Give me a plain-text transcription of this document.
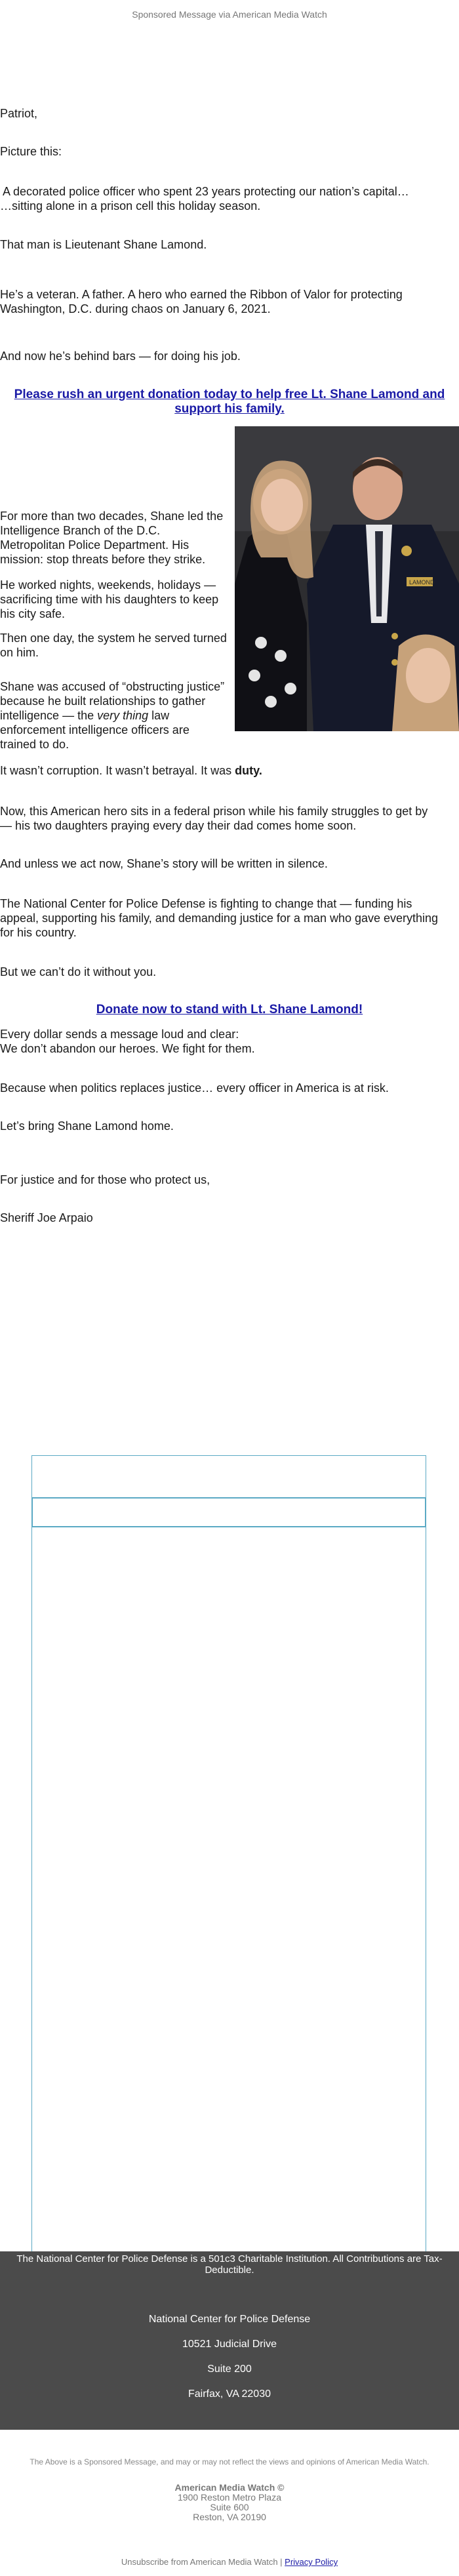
Sponsored Message via American Media Watch
Patriot,
Picture this:
A decorated police officer who spent 23 years protecting our nation’s capital…
…sitting alone in a prison cell this holiday season.
That man is Lieutenant Shane Lamond.
He’s a veteran. A father. A hero who earned the Ribbon of Valor for protecting
Washington, D.C. during chaos on January 6, 2021.
And now he’s behind bars — for doing his job.
Please rush an urgent donation today to help free Lt. Shane Lamond and
support his family.
For more than two decades, Shane led the
Intelligence Branch of the D.C.
Metropolitan Police Department. His
mission: stop threats before they strike.
He worked nights, weekends, holidays —
sacrificing time with his daughters to keep
his city safe.
Then one day, the system he served turned
on him.
Shane was accused of “obstructing justice”
because he built relationships to gather
intelligence — the very thing law
enforcement intelligence officers are
trained to do.
LAMOND
It wasn’t corruption. It wasn’t betrayal. It was duty.
Now, this American hero sits in a federal prison while his family struggles to get by
— his two daughters praying every day their dad comes home soon.
And unless we act now, Shane’s story will be written in silence.
The National Center for Police Defense is fighting to change that — funding his
appeal, supporting his family, and demanding justice for a man who gave everything
for his country.
But we can’t do it without you.
Donate now to stand with Lt. Shane Lamond!
Every dollar sends a message loud and clear:
We don’t abandon our heroes. We fight for them.
Because when politics replaces justice… every officer in America is at risk.
Let’s bring Shane Lamond home.
For justice and for those who protect us,
Sheriff Joe Arpaio
The National Center for Police Defense is a 501c3 Charitable Institution. All Contributions are Tax-
Deductible.
National Center for Police Defense
10521 Judicial Drive
Suite 200
Fairfax, VA 22030
The Above is a Sponsored Message, and may or may not reflect the views and opinions of American Media Watch.
American Media Watch ©
1900 Reston Metro Plaza
Suite 600
Reston, VA 20190
Unsubscribe from American Media Watch | Privacy Policy
